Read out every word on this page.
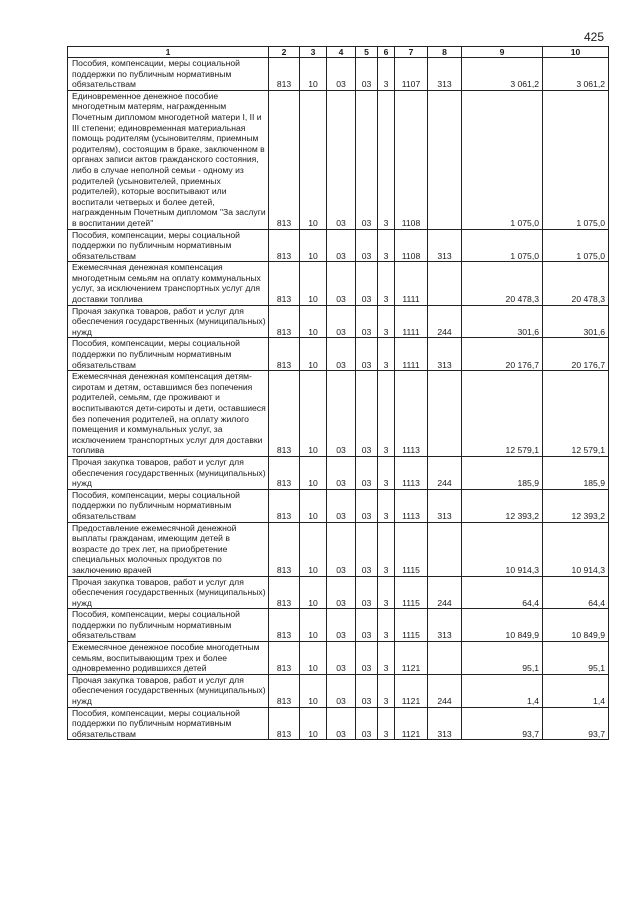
425
1	2	3	4	5	6	7	8	9	10
Пособия, компенсации, меры социальной поддержки по публичным нормативным обязательствам	813	10	03	03	3	1107	313	3 061,2	3 061,2
Единовременное денежное пособие многодетным матерям, награжденным Почетным дипломом многодетной матери I, II и III степени; единовременная материальная помощь родителям (усыновителям, приемным родителям), состоящим в браке, заключенном в органах записи актов гражданского состояния, либо в случае неполной семьи - одному из родителей (усыновителей, приемных родителей), которые воспитывают или воспитали четверых и более детей, награжденным Почетным дипломом "За заслуги в воспитании детей"	813	10	03	03	3	1108		1 075,0	1 075,0
Пособия, компенсации, меры социальной поддержки по публичным нормативным обязательствам	813	10	03	03	3	1108	313	1 075,0	1 075,0
Ежемесячная денежная компенсация многодетным семьям на оплату коммунальных услуг, за исключением транспортных услуг для доставки топлива	813	10	03	03	3	1111		20 478,3	20 478,3
Прочая закупка товаров, работ и услуг для обеспечения государственных (муниципальных) нужд	813	10	03	03	3	1111	244	301,6	301,6
Пособия, компенсации, меры социальной поддержки по публичным нормативным обязательствам	813	10	03	03	3	1111	313	20 176,7	20 176,7
Ежемесячная денежная компенсация детям-сиротам и детям, оставшимся без попечения родителей, семьям, где проживают и воспитываются дети-сироты и дети, оставшиеся без попечения родителей, на оплату жилого помещения и коммунальных услуг, за исключением транспортных услуг для доставки топлива	813	10	03	03	3	1113		12 579,1	12 579,1
Прочая закупка товаров, работ и услуг для обеспечения государственных (муниципальных) нужд	813	10	03	03	3	1113	244	185,9	185,9
Пособия, компенсации, меры социальной поддержки по публичным нормативным обязательствам	813	10	03	03	3	1113	313	12 393,2	12 393,2
Предоставление ежемесячной денежной выплаты гражданам, имеющим детей в возрасте до трех лет, на приобретение специальных молочных продуктов по заключению врачей	813	10	03	03	3	1115		10 914,3	10 914,3
Прочая закупка товаров, работ и услуг для обеспечения государственных (муниципальных) нужд	813	10	03	03	3	1115	244	64,4	64,4
Пособия, компенсации, меры социальной поддержки по публичным нормативным обязательствам	813	10	03	03	3	1115	313	10 849,9	10 849,9
Ежемесячное денежное пособие многодетным семьям, воспитывающим трех и более одновременно родившихся детей	813	10	03	03	3	1121		95,1	95,1
Прочая закупка товаров, работ и услуг для обеспечения государственных (муниципальных) нужд	813	10	03	03	3	1121	244	1,4	1,4
Пособия, компенсации, меры социальной поддержки по публичным нормативным обязательствам	813	10	03	03	3	1121	313	93,7	93,7
